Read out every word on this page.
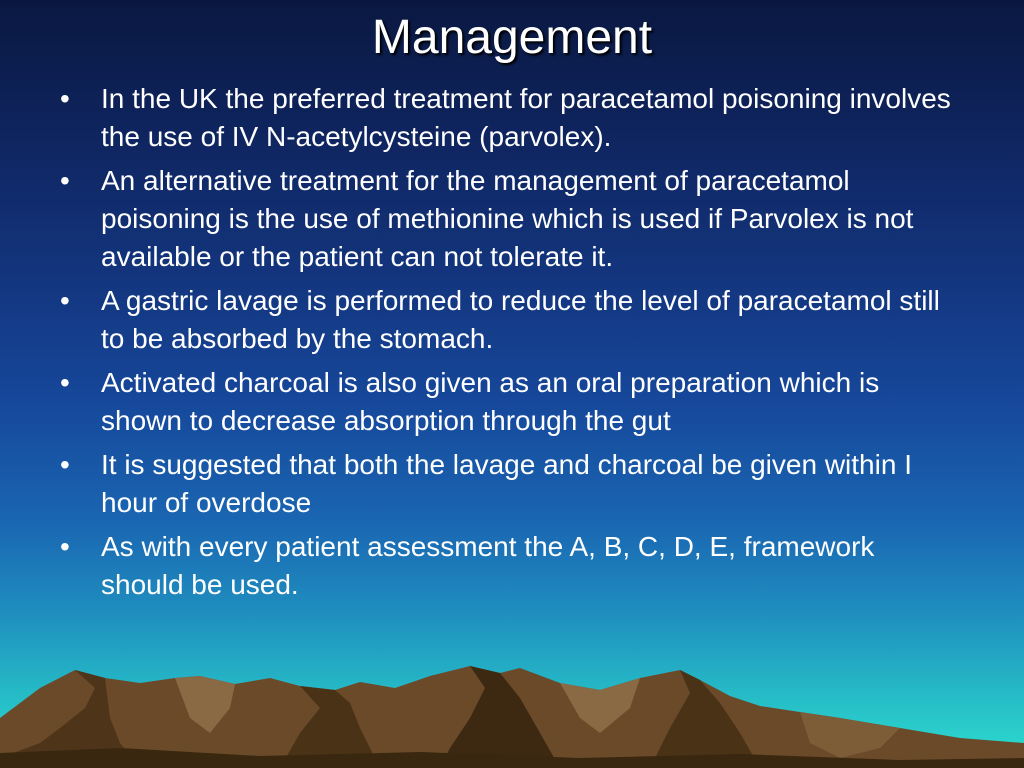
Management
•	In the UK the preferred treatment for paracetamol poisoning involves the use of IV N-acetylcysteine (parvolex).
•	An alternative treatment for the management of paracetamol poisoning is the use of methionine which is used if Parvolex is not available or the patient can not tolerate it.
•	A gastric lavage is performed to reduce the level of paracetamol still to be absorbed by the stomach.
•	Activated charcoal is also given as an oral preparation which is shown to decrease absorption through the gut
•	It is suggested that both the lavage and charcoal be given within I hour of overdose
•	As with every patient assessment the A, B, C, D, E, framework should be used.
